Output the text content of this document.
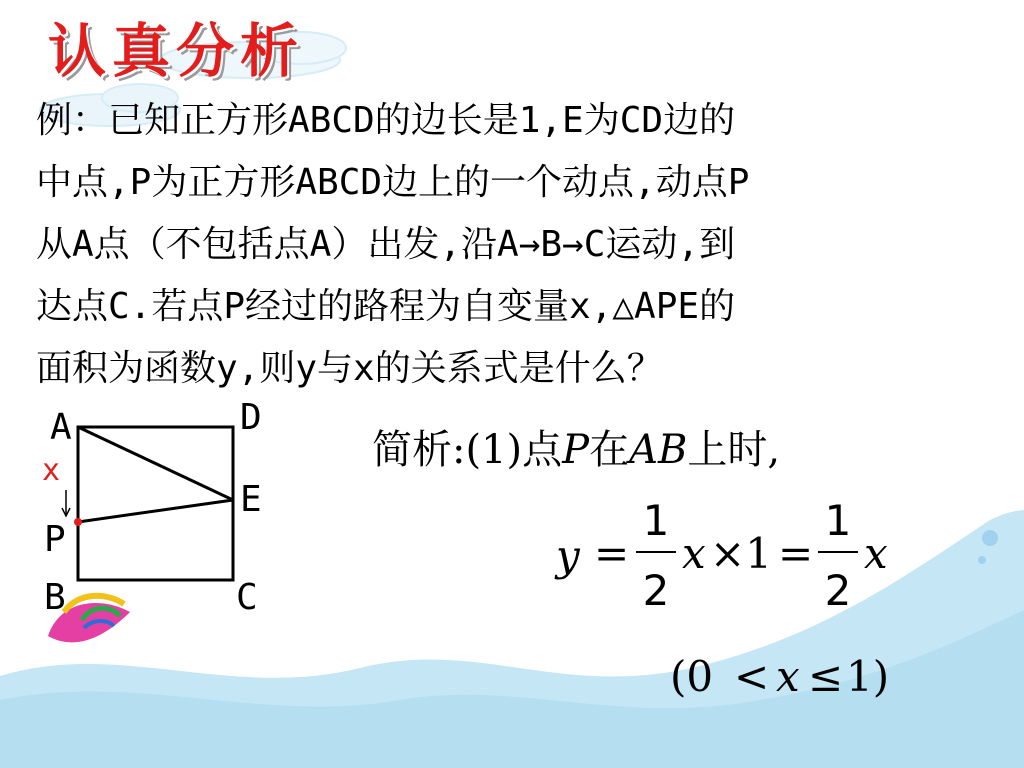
认真分析
例：已知正方形ABCD的边长是1,E为CD边的
中点,P为正方形ABCD边上的一个动点,动点P
从A点（不包括点A）出发,沿A→B→C运动,到
达点C.若点P经过的路程为自变量x,△APE的
面积为函数y,则y与x的关系式是什么？
A	D
E
x
P
B	C
简析:(1)点P在AB上时,
y =
1
2
x ×1 =
1
2
x
(0 < x ≤ 1)
